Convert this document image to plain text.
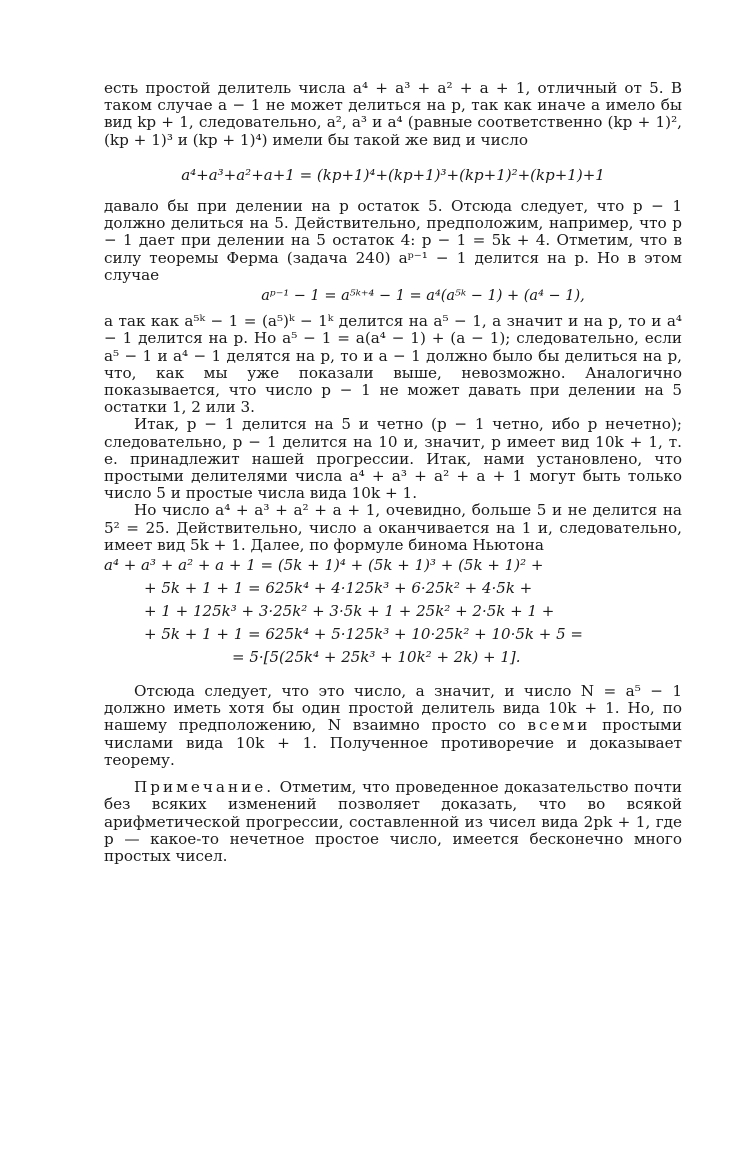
есть простой делитель числа a⁴ + a³ + a² + a + 1, отличный от 5. В таком случае a − 1 не может делиться на p, так как иначе a имело бы вид kp + 1, следовательно, a², a³ и a⁴ (равные соответственно (kp + 1)², (kp + 1)³ и (kp + 1)⁴) имели бы такой же вид и число

a⁴+a³+a²+a+1 = (kp+1)⁴+(kp+1)³+(kp+1)²+(kp+1)+1

давало бы при делении на p остаток 5. Отсюда следует, что p − 1 должно делиться на 5. Действительно, предположим, например, что p − 1 дает при делении на 5 остаток 4: p − 1 = 5k + 4. Отметим, что в силу теоремы Ферма (задача 240) aᵖ⁻¹ − 1 делится на p. Но в этом случае

aᵖ⁻¹ − 1 = a⁵ᵏ⁺⁴ − 1 = a⁴(a⁵ᵏ − 1) + (a⁴ − 1),

а так как a⁵ᵏ − 1 = (a⁵)ᵏ − 1ᵏ делится на a⁵ − 1, а значит и на p, то и a⁴ − 1 делится на p. Но a⁵ − 1 = a(a⁴ − 1) + (a − 1); следовательно, если a⁵ − 1 и a⁴ − 1 делятся на p, то и a − 1 должно было бы делиться на p, что, как мы уже показали выше, невозможно. Аналогично показывается, что число p − 1 не может давать при делении на 5 остатки 1, 2 или 3.

Итак, p − 1 делится на 5 и четно (p − 1 четно, ибо p нечетно); следовательно, p − 1 делится на 10 и, значит, p имеет вид 10k + 1, т. е. принадлежит нашей прогрессии. Итак, нами установлено, что простыми делителями числа a⁴ + a³ + a² + a + 1 могут быть только число 5 и простые числа вида 10k + 1.

Но число a⁴ + a³ + a² + a + 1, очевидно, больше 5 и не делится на 5² = 25. Действительно, число a оканчивается на 1 и, следовательно, имеет вид 5k + 1. Далее, по формуле бинома Ньютона

a⁴ + a³ + a² + a + 1 = (5k + 1)⁴ + (5k + 1)³ + (5k + 1)² +
+ 5k + 1 + 1 = 625k⁴ + 4·125k³ + 6·25k² + 4·5k +
+ 1 + 125k³ + 3·25k² + 3·5k + 1 + 25k² + 2·5k + 1 +
+ 5k + 1 + 1 = 625k⁴ + 5·125k³ + 10·25k² + 10·5k + 5 =
= 5·[5(25k⁴ + 25k³ + 10k² + 2k) + 1].

Отсюда следует, что это число, а значит, и число N = a⁵ − 1 должно иметь хотя бы один простой делитель вида 10k + 1. Но, по нашему предположению, N взаимно просто со всеми простыми числами вида 10k + 1. Полученное противоречие и доказывает теорему.

Примечание. Отметим, что проведенное доказательство почти без всяких изменений позволяет доказать, что во всякой арифметической прогрессии, составленной из чисел вида 2pk + 1, где p — какое-то нечетное простое число, имеется бесконечно много простых чисел.
